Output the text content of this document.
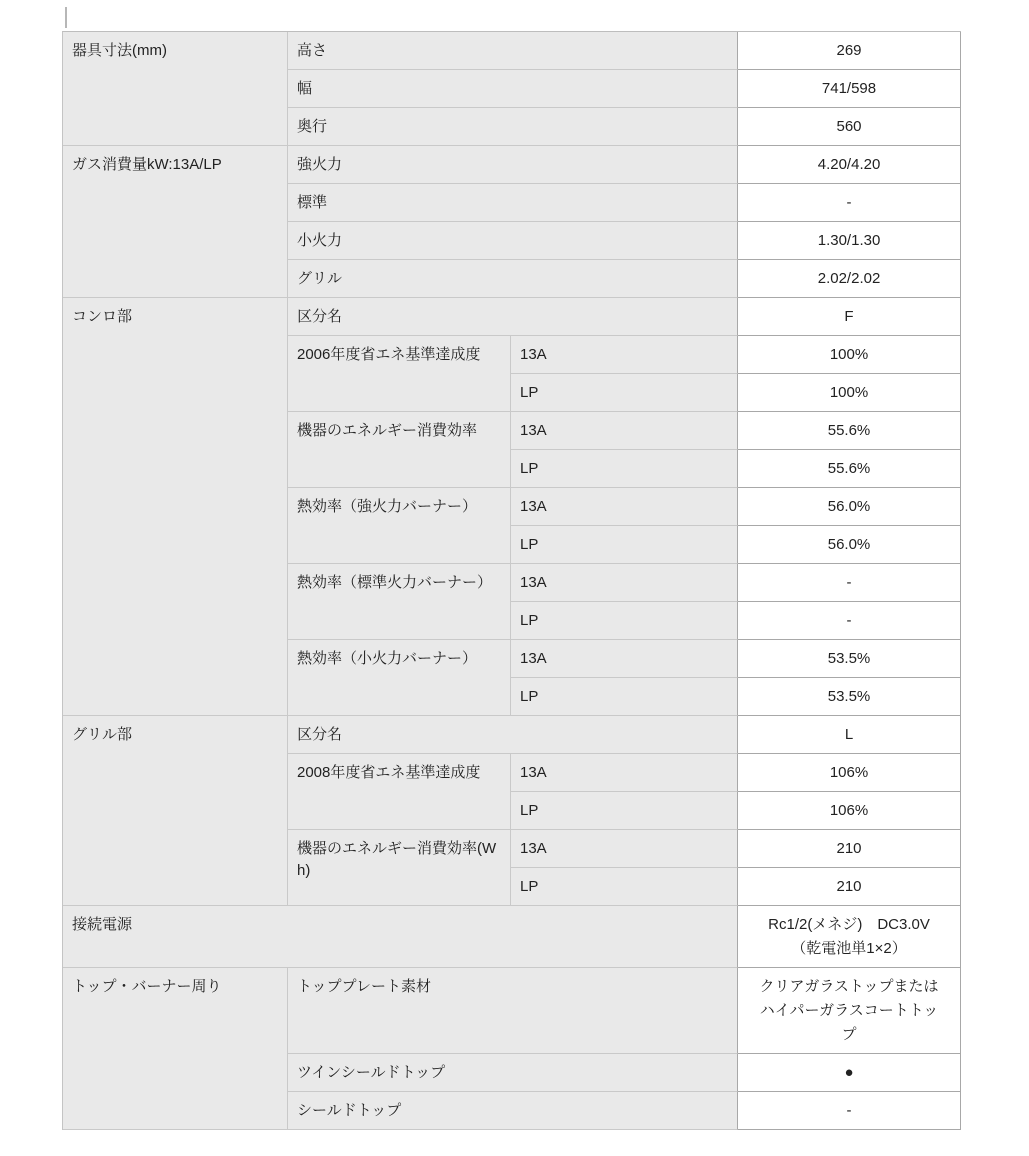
器具寸法(mm)	高さ		269
	幅		741/598
	奥行		560
ガス消費量kW:13A/LP	強火力		4.20/4.20
	標準		-
	小火力		1.30/1.30
	グリル		2.02/2.02
コンロ部	区分名		F
	2006年度省エネ基準達成度	13A	100%
		LP	100%
	機器のエネルギー消費効率	13A	55.6%
		LP	55.6%
	熱効率（強火力バーナー）	13A	56.0%
		LP	56.0%
	熱効率（標準火力バーナー）	13A	-
		LP	-
	熱効率（小火力バーナー）	13A	53.5%
		LP	53.5%
グリル部	区分名		L
	2008年度省エネ基準達成度	13A	106%
		LP	106%
	機器のエネルギー消費効率(Wh)	13A	210
		LP	210
接続電源			Rc1/2(メネジ)　DC3.0V（乾電池単1×2）
トップ・バーナー周り	トッププレート素材		クリアガラストップまたはハイパーガラスコートトップ
	ツインシールドトップ		●
	シールドトップ		-
